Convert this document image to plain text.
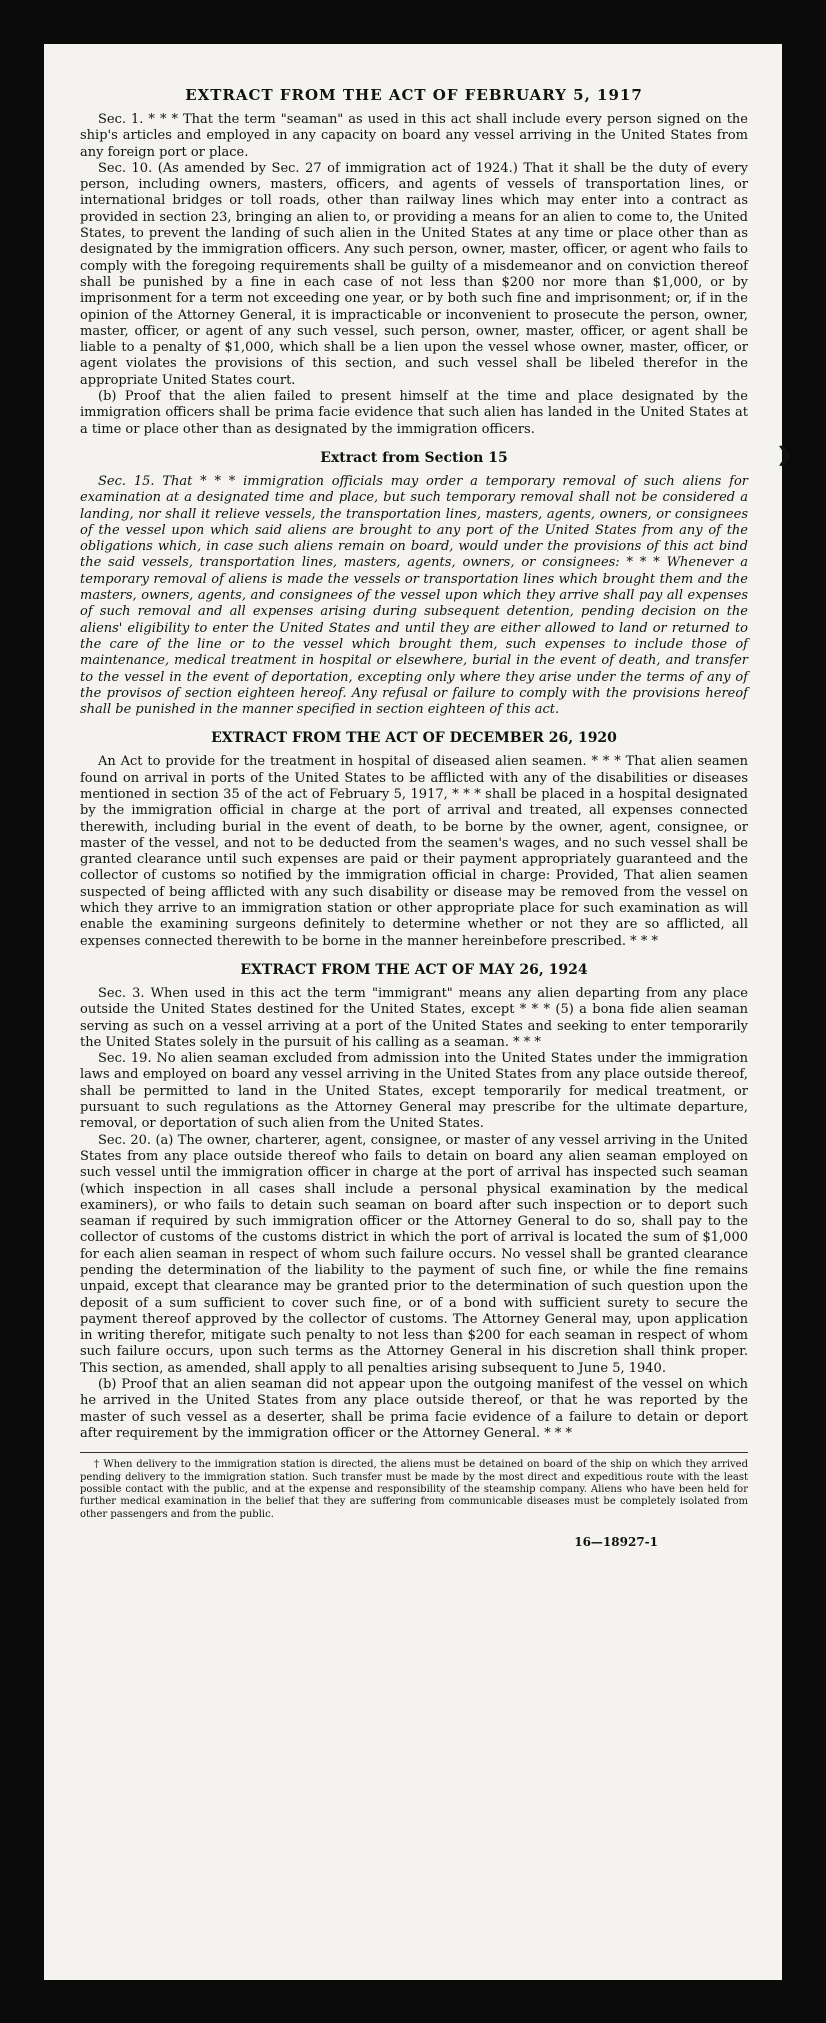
EXTRACT FROM THE ACT OF FEBRUARY 5, 1917

Sec. 1. * * * That the term "seaman" as used in this act shall include every person signed on the ship's articles and employed in any capacity on board any vessel arriving in the United States from any foreign port or place.

Sec. 10. (As amended by Sec. 27 of immigration act of 1924.) That it shall be the duty of every person, including owners, masters, officers, and agents of vessels of transportation lines, or international bridges or toll roads, other than railway lines which may enter into a contract as provided in section 23, bringing an alien to, or providing a means for an alien to come to, the United States, to prevent the landing of such alien in the United States at any time or place other than as designated by the immigration officers. Any such person, owner, master, officer, or agent who fails to comply with the foregoing requirements shall be guilty of a misdemeanor and on conviction thereof shall be punished by a fine in each case of not less than $200 nor more than $1,000, or by imprisonment for a term not exceeding one year, or by both such fine and imprisonment; or, if in the opinion of the Attorney General, it is impracticable or inconvenient to prosecute the person, owner, master, officer, or agent of any such vessel, such person, owner, master, officer, or agent shall be liable to a penalty of $1,000, which shall be a lien upon the vessel whose owner, master, officer, or agent violates the provisions of this section, and such vessel shall be libeled therefor in the appropriate United States court.

(b) Proof that the alien failed to present himself at the time and place designated by the immigration officers shall be prima facie evidence that such alien has landed in the United States at a time or place other than as designated by the immigration officers.

Extract from Section 15

Sec. 15. That * * * immigration officials may order a temporary removal of such aliens for examination at a designated time and place, but such temporary removal shall not be considered a landing, nor shall it relieve vessels, the transportation lines, masters, agents, owners, or consignees of the vessel upon which said aliens are brought to any port of the United States from any of the obligations which, in case such aliens remain on board, would under the provisions of this act bind the said vessels, transportation lines, masters, agents, owners, or consignees: * * * Whenever a temporary removal of aliens is made the vessels or transportation lines which brought them and the masters, owners, agents, and consignees of the vessel upon which they arrive shall pay all expenses of such removal and all expenses arising during subsequent detention, pending decision on the aliens' eligibility to enter the United States and until they are either allowed to land or returned to the care of the line or to the vessel which brought them, such expenses to include those of maintenance, medical treatment in hospital or elsewhere, burial in the event of death, and transfer to the vessel in the event of deportation, excepting only where they arise under the terms of any of the provisos of section eighteen hereof. Any refusal or failure to comply with the provisions hereof shall be punished in the manner specified in section eighteen of this act.

EXTRACT FROM THE ACT OF DECEMBER 26, 1920

An Act to provide for the treatment in hospital of diseased alien seamen. * * * That alien seamen found on arrival in ports of the United States to be afflicted with any of the disabilities or diseases mentioned in section 35 of the act of February 5, 1917, * * * shall be placed in a hospital designated by the immigration official in charge at the port of arrival and treated, all expenses connected therewith, including burial in the event of death, to be borne by the owner, agent, consignee, or master of the vessel, and not to be deducted from the seamen's wages, and no such vessel shall be granted clearance until such expenses are paid or their payment appropriately guaranteed and the collector of customs so notified by the immigration official in charge: Provided, That alien seamen suspected of being afflicted with any such disability or disease may be removed from the vessel on which they arrive to an immigration station or other appropriate place for such examination as will enable the examining surgeons definitely to determine whether or not they are so afflicted, all expenses connected therewith to be borne in the manner hereinbefore prescribed. * * *

EXTRACT FROM THE ACT OF MAY 26, 1924

Sec. 3. When used in this act the term "immigrant" means any alien departing from any place outside the United States destined for the United States, except * * * (5) a bona fide alien seaman serving as such on a vessel arriving at a port of the United States and seeking to enter temporarily the United States solely in the pursuit of his calling as a seaman. * * *

Sec. 19. No alien seaman excluded from admission into the United States under the immigration laws and employed on board any vessel arriving in the United States from any place outside thereof, shall be permitted to land in the United States, except temporarily for medical treatment, or pursuant to such regulations as the Attorney General may prescribe for the ultimate departure, removal, or deportation of such alien from the United States.

Sec. 20. (a) The owner, charterer, agent, consignee, or master of any vessel arriving in the United States from any place outside thereof who fails to detain on board any alien seaman employed on such vessel until the immigration officer in charge at the port of arrival has inspected such seaman (which inspection in all cases shall include a personal physical examination by the medical examiners), or who fails to detain such seaman on board after such inspection or to deport such seaman if required by such immigration officer or the Attorney General to do so, shall pay to the collector of customs of the customs district in which the port of arrival is located the sum of $1,000 for each alien seaman in respect of whom such failure occurs. No vessel shall be granted clearance pending the determination of the liability to the payment of such fine, or while the fine remains unpaid, except that clearance may be granted prior to the determination of such question upon the deposit of a sum sufficient to cover such fine, or of a bond with sufficient surety to secure the payment thereof approved by the collector of customs. The Attorney General may, upon application in writing therefor, mitigate such penalty to not less than $200 for each seaman in respect of whom such failure occurs, upon such terms as the Attorney General in his discretion shall think proper. This section, as amended, shall apply to all penalties arising subsequent to June 5, 1940.

(b) Proof that an alien seaman did not appear upon the outgoing manifest of the vessel on which he arrived in the United States from any place outside thereof, or that he was reported by the master of such vessel as a deserter, shall be prima facie evidence of a failure to detain or deport after requirement by the immigration officer or the Attorney General. * * *

† When delivery to the immigration station is directed, the aliens must be detained on board of the ship on which they arrived pending delivery to the immigration station. Such transfer must be made by the most direct and expeditious route with the least possible contact with the public, and at the expense and responsibility of the steamship company. Aliens who have been held for further medical examination in the belief that they are suffering from communicable diseases must be completely isolated from other passengers and from the public.

16—18927-1
❯
